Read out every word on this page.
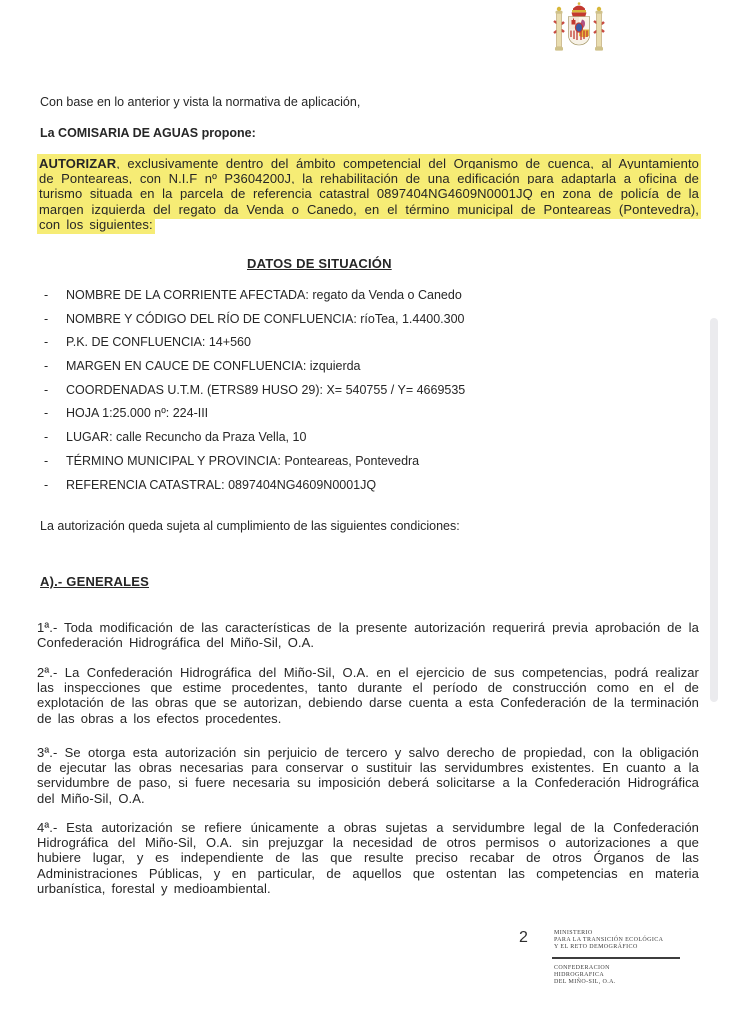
Con base en lo anterior y vista la normativa de aplicación,

La COMISARIA DE AGUAS propone:

AUTORIZAR, exclusivamente dentro del ámbito competencial del Organismo de cuenca, al Ayuntamiento de Ponteareas, con N.I.F nº P3604200J, la rehabilitación de una edificación para adaptarla a oficina de turismo situada en la parcela de referencia catastral 0897404NG4609N0001JQ en zona de policía de la margen izquierda del regato da Venda o Canedo, en el término municipal de Ponteareas (Pontevedra), con los siguientes:

DATOS DE SITUACIÓN
- NOMBRE DE LA CORRIENTE AFECTADA: regato da Venda o Canedo
- NOMBRE Y CÓDIGO DEL RÍO DE CONFLUENCIA: ríoTea, 1.4400.300
- P.K. DE CONFLUENCIA: 14+560
- MARGEN EN CAUCE DE CONFLUENCIA: izquierda
- COORDENADAS U.T.M. (ETRS89 HUSO 29): X= 540755 / Y= 4669535
- HOJA 1:25.000 nº: 224-III
- LUGAR: calle Recuncho da Praza Vella, 10
- TÉRMINO MUNICIPAL Y PROVINCIA: Ponteareas, Pontevedra
- REFERENCIA CATASTRAL: 0897404NG4609N0001JQ

La autorización queda sujeta al cumplimiento de las siguientes condiciones:

A).- GENERALES

1ª.- Toda modificación de las características de la presente autorización requerirá previa aprobación de la Confederación Hidrográfica del Miño-Sil, O.A.

2ª.- La Confederación Hidrográfica del Miño-Sil, O.A. en el ejercicio de sus competencias, podrá realizar las inspecciones que estime procedentes, tanto durante el período de construcción como en el de explotación de las obras que se autorizan, debiendo darse cuenta a esta Confederación de la terminación de las obras a los efectos procedentes.

3ª.- Se otorga esta autorización sin perjuicio de tercero y salvo derecho de propiedad, con la obligación de ejecutar las obras necesarias para conservar o sustituir las servidumbres existentes. En cuanto a la servidumbre de paso, si fuere necesaria su imposición deberá solicitarse a la Confederación Hidrográfica del Miño-Sil, O.A.

4ª.- Esta autorización se refiere únicamente a obras sujetas a servidumbre legal de la Confederación Hidrográfica del Miño-Sil, O.A. sin prejuzgar la necesidad de otros permisos o autorizaciones a que hubiere lugar, y es independiente de las que resulte preciso recabar de otros Órganos de las Administraciones Públicas, y en particular, de aquellos que ostentan las competencias en materia urbanística, forestal y medioambiental.

2	MINISTERIO
PARA LA TRANSICIÓN ECOLÓGICA
Y EL RETO DEMOGRÁFICO
CONFEDERACION
HIDROGRAFICA
DEL MIÑO-SIL, O.A.
